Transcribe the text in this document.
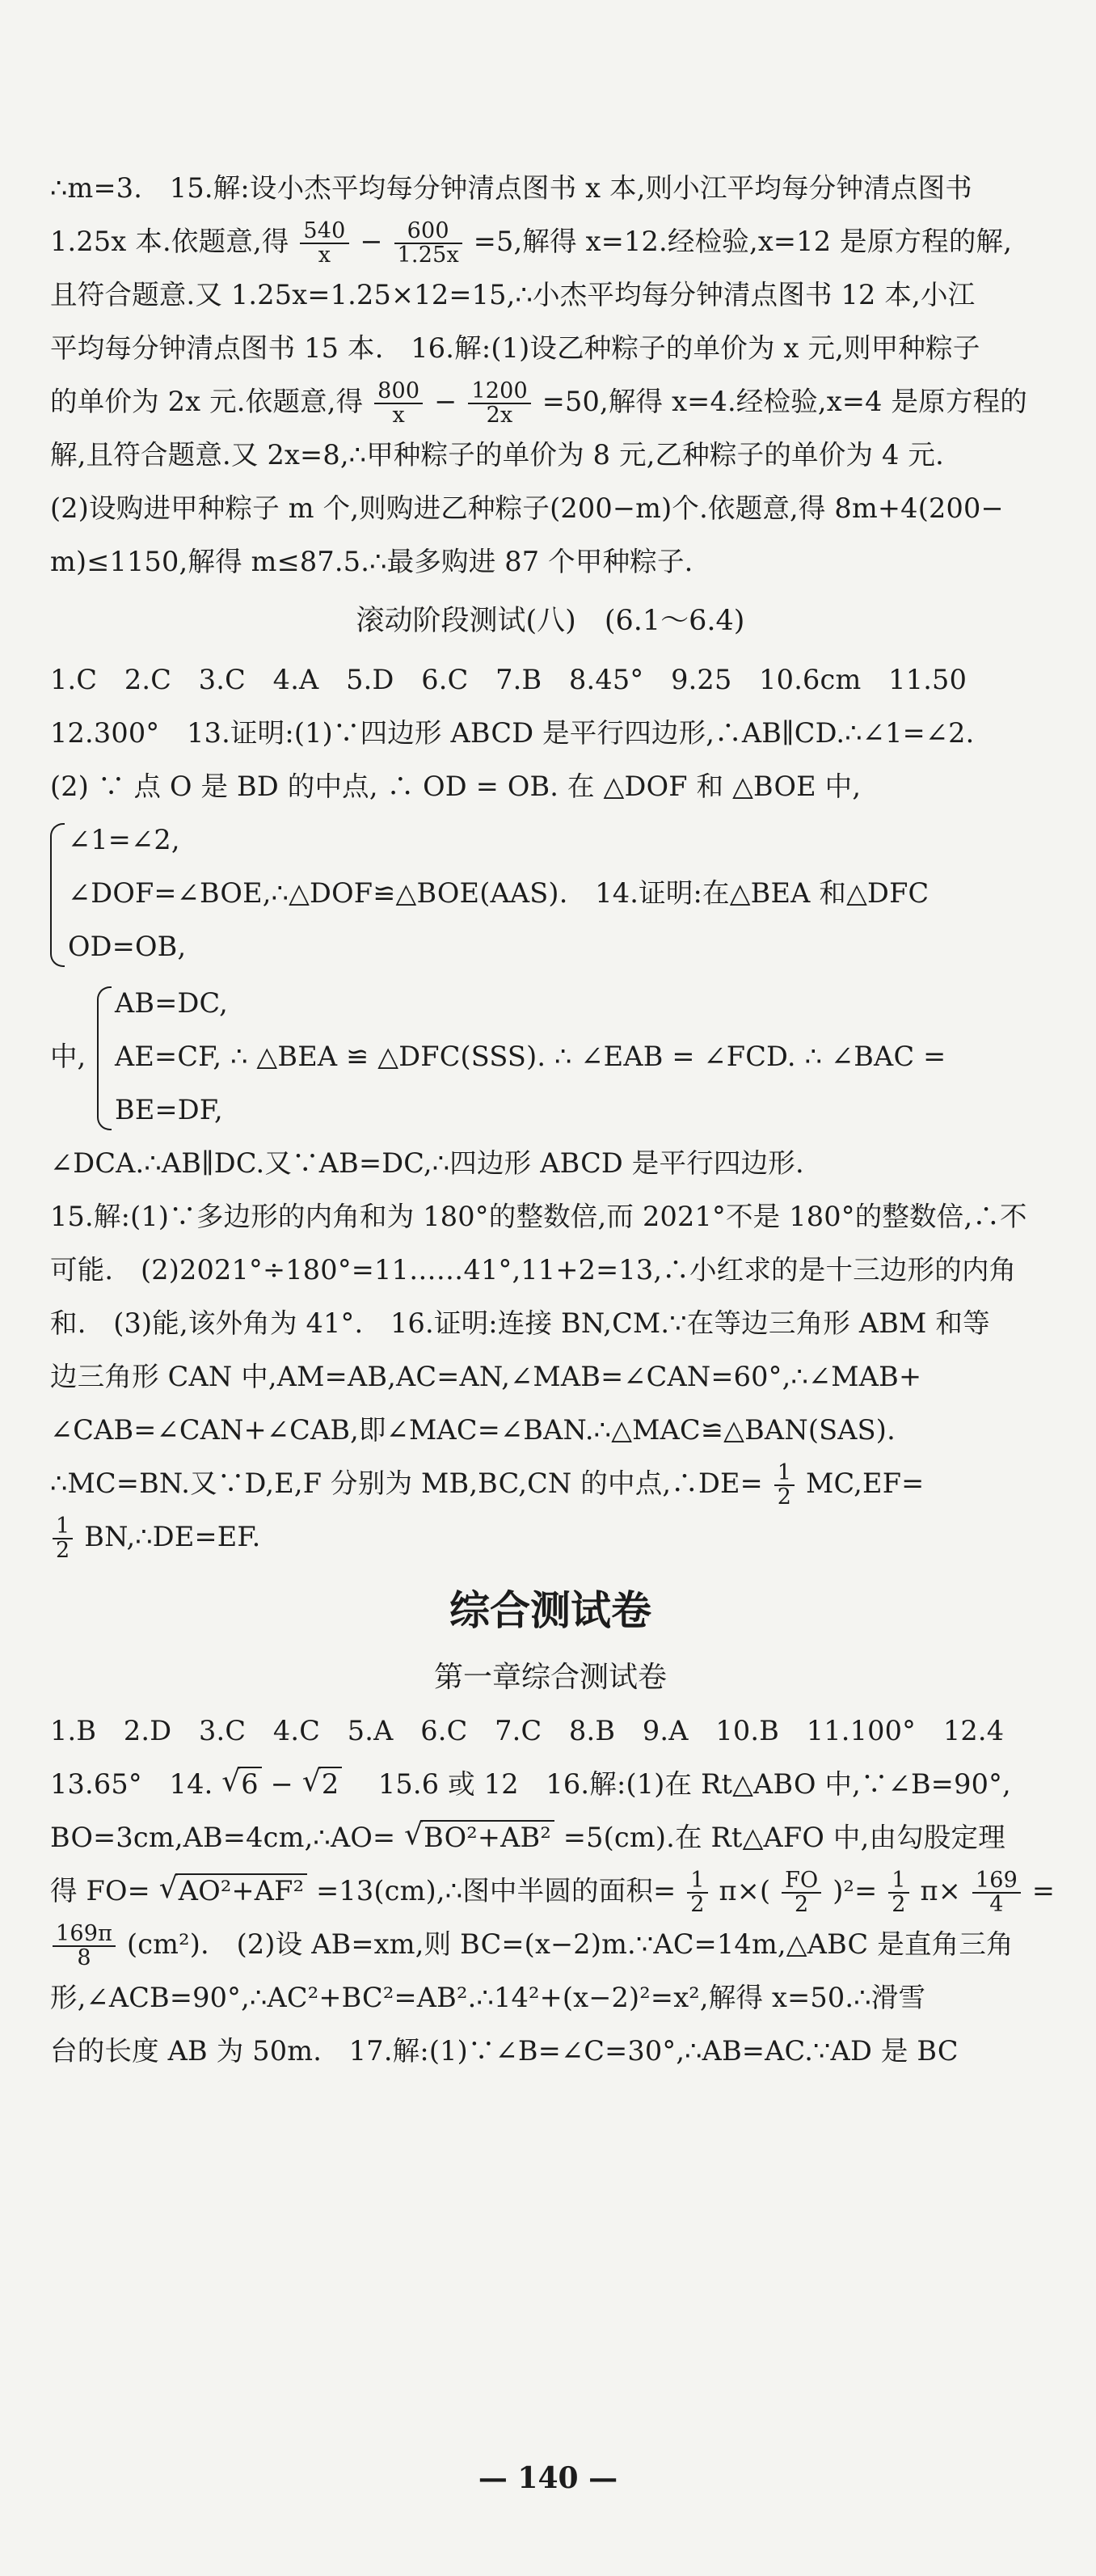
∴m=3.　15.解:设小杰平均每分钟清点图书 x 本,则小江平均每分钟清点图书

1.25x 本.依题意,得 $\frac{540}{x} - \frac{600}{1.25x} =5$,解得 x=12.经检验,x=12 是原方程的解,

且符合题意.又 1.25x=1.25×12=15,∴小杰平均每分钟清点图书 12 本,小江

平均每分钟清点图书 15 本.　16.解:(1)设乙种粽子的单价为 x 元,则甲种粽子

的单价为 2x 元.依题意,得 $\frac{800}{x} - \frac{1200}{2x} =50$,解得 x=4.经检验,x=4 是原方程的

解,且符合题意.又 2x=8,∴甲种粽子的单价为 8 元,乙种粽子的单价为 4 元.

(2)设购进甲种粽子 m 个,则购进乙种粽子(200−m)个.依题意,得 8m+4(200−

m)≤1150,解得 m≤87.5.∴最多购进 87 个甲种粽子.

滚动阶段测试(八)　(6.1～6.4)

1.C　2.C　3.C　4.A　5.D　6.C　7.B　8.45°　9.25　10.6cm　11.50

12.300°　13.证明:(1)∵四边形 ABCD 是平行四边形,∴AB∥CD.∴∠1=∠2.

(2) ∵ 点 O 是 BD 的中点, ∴ OD = OB. 在 △DOF 和 △BOE 中,

∠1=∠2,

∠DOF=∠BOE,∴△DOF≌△BOE(AAS).　14.证明:在△BEA 和△DFC

OD=OB,

中,

AB=DC,

AE=CF, ∴ △BEA ≌ △DFC(SSS). ∴ ∠EAB = ∠FCD. ∴ ∠BAC =

BE=DF,

∠DCA.∴AB∥DC.又∵AB=DC,∴四边形 ABCD 是平行四边形.

15.解:(1)∵多边形的内角和为 180°的整数倍,而 2021°不是 180°的整数倍,∴不

可能.　(2)2021°÷180°=11……41°,11+2=13,∴小红求的是十三边形的内角

和.　(3)能,该外角为 41°.　16.证明:连接 BN,CM.∵在等边三角形 ABM 和等

边三角形 CAN 中,AM=AB,AC=AN,∠MAB=∠CAN=60°,∴∠MAB+

∠CAB=∠CAN+∠CAB,即∠MAC=∠BAN.∴△MAC≌△BAN(SAS).

∴MC=BN.又∵D,E,F 分别为 MB,BC,CN 的中点,∴DE= $\frac{1}{2} MC,EF=$

$\frac{1}{2}$ BN,∴DE=EF.

综合测试卷
第一章综合测试卷

1.B　2.D　3.C　4.C　5.A　6.C　7.C　8.B　9.A　10.B　11.100°　12.4

13.65°　14. √ 6 − √ 2 　15.6 或 12　16.解:(1)在 Rt△ABO 中,∵∠B=90°,

BO=3cm,AB=4cm,∴AO= √ BO²+AB² =5(cm).在 Rt△AFO 中,由勾股定理

得 FO= √ AO²+AF² =13(cm),∴图中半圆的面积= $\frac{1}{2} \pi\times( \frac{FO}{2} )^2= \frac{1}{2} \pi\times \frac{169}{4}$ =

$\frac{169\pi}{8} (cm^2)$.　(2)设 AB=xm,则 BC=(x−2)m.∵AC=14m,△ABC 是直角三角

形,∠ACB=90°,∴AC²+BC²=AB².∴14²+(x−2)²=x²,解得 x=50.∴滑雪

台的长度 AB 为 50m.　17.解:(1)∵∠B=∠C=30°,∴AB=AC.∵AD 是 BC

— 140 —
